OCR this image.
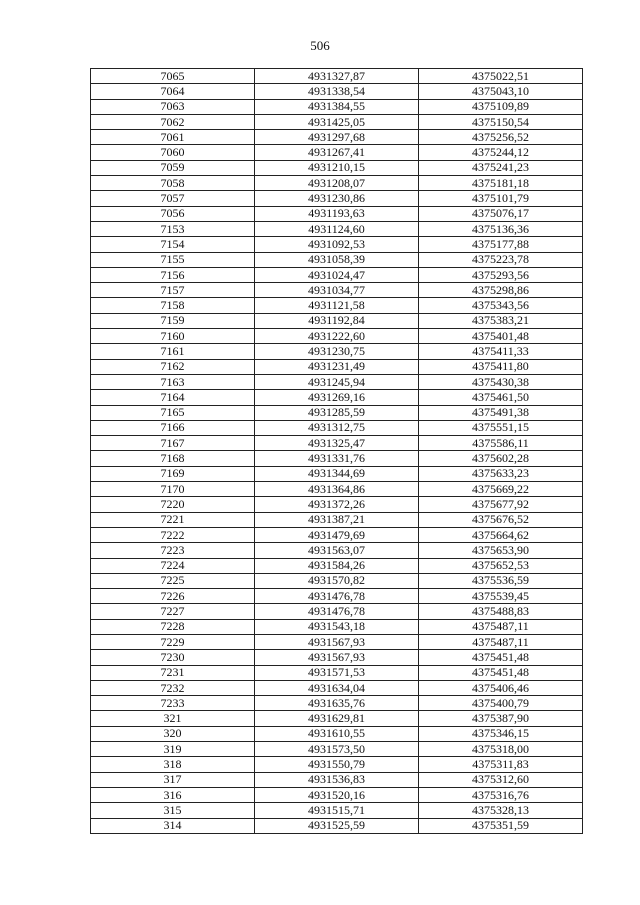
506
7065	4931327,87	4375022,51
7064	4931338,54	4375043,10
7063	4931384,55	4375109,89
7062	4931425,05	4375150,54
7061	4931297,68	4375256,52
7060	4931267,41	4375244,12
7059	4931210,15	4375241,23
7058	4931208,07	4375181,18
7057	4931230,86	4375101,79
7056	4931193,63	4375076,17
7153	4931124,60	4375136,36
7154	4931092,53	4375177,88
7155	4931058,39	4375223,78
7156	4931024,47	4375293,56
7157	4931034,77	4375298,86
7158	4931121,58	4375343,56
7159	4931192,84	4375383,21
7160	4931222,60	4375401,48
7161	4931230,75	4375411,33
7162	4931231,49	4375411,80
7163	4931245,94	4375430,38
7164	4931269,16	4375461,50
7165	4931285,59	4375491,38
7166	4931312,75	4375551,15
7167	4931325,47	4375586,11
7168	4931331,76	4375602,28
7169	4931344,69	4375633,23
7170	4931364,86	4375669,22
7220	4931372,26	4375677,92
7221	4931387,21	4375676,52
7222	4931479,69	4375664,62
7223	4931563,07	4375653,90
7224	4931584,26	4375652,53
7225	4931570,82	4375536,59
7226	4931476,78	4375539,45
7227	4931476,78	4375488,83
7228	4931543,18	4375487,11
7229	4931567,93	4375487,11
7230	4931567,93	4375451,48
7231	4931571,53	4375451,48
7232	4931634,04	4375406,46
7233	4931635,76	4375400,79
321	4931629,81	4375387,90
320	4931610,55	4375346,15
319	4931573,50	4375318,00
318	4931550,79	4375311,83
317	4931536,83	4375312,60
316	4931520,16	4375316,76
315	4931515,71	4375328,13
314	4931525,59	4375351,59
